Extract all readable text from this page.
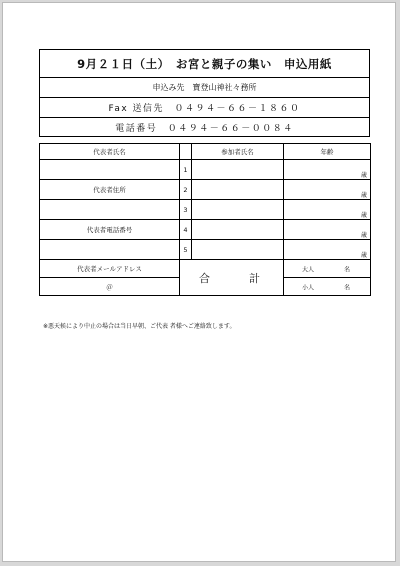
9月２１日（土）　お宮と親子の集い　申込用紙
申込み先　寶登山神社々務所
Fax 送信先　０４９４－６６－１８６０
電話番号　０４９４－６６－００８４
代表者氏名		参加者氏名	年齢
	1		歳
代表者住所	2		歳
	3		歳
代表者電話番号	4		歳
	5		歳
代表者メールアドレス	合　計		大人 名

＠			小人 名
※悪天候により中止の場合は当日早朝、ご代表 者様へご連絡致します。
